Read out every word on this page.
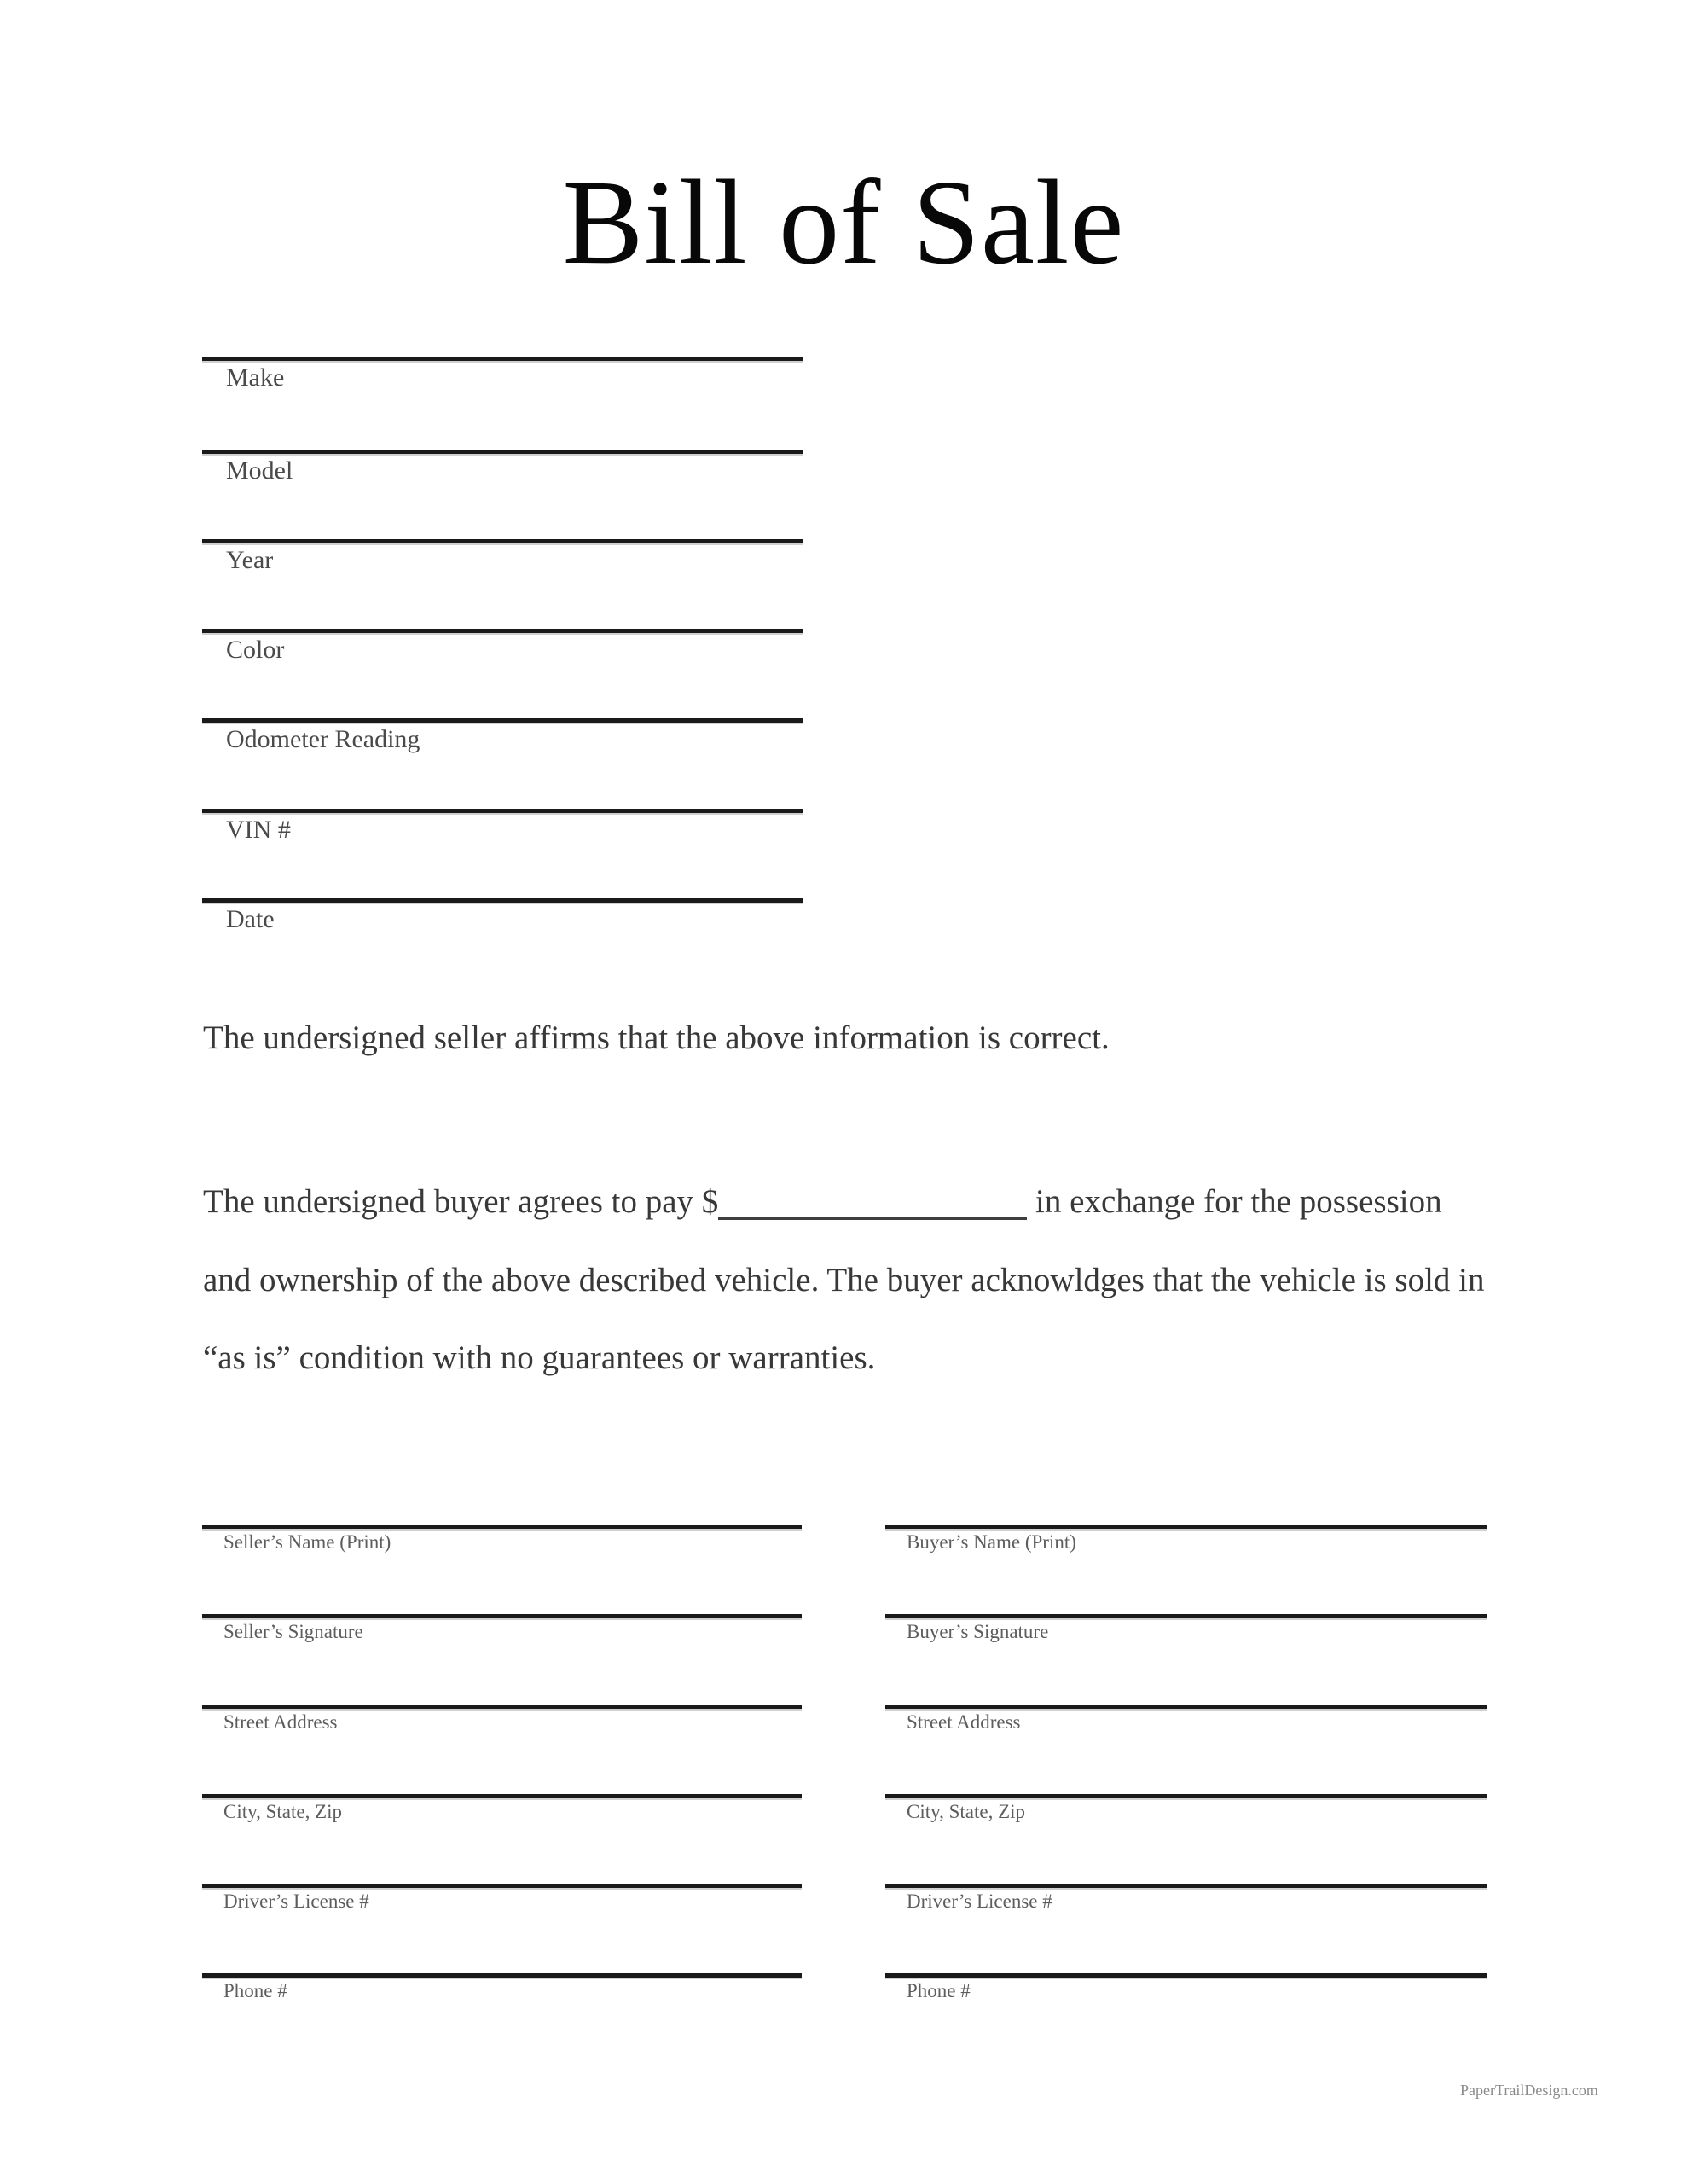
Bill of Sale
Make
Model
Year
Color
Odometer Reading
VIN #
Date
The undersigned seller affirms that the above information is correct.
The undersigned buyer agrees to pay $	in exchange for the possession
and ownership of the above described vehicle. The buyer acknowldges that the vehicle is sold in
“as is” condition with no guarantees or warranties.
Seller’s Name (Print)
Seller’s Signature
Street Address
City, State, Zip
Driver’s License #
Phone #
Buyer’s Name (Print)
Buyer’s Signature
Street Address
City, State, Zip
Driver’s License #
Phone #
PaperTrailDesign.com
